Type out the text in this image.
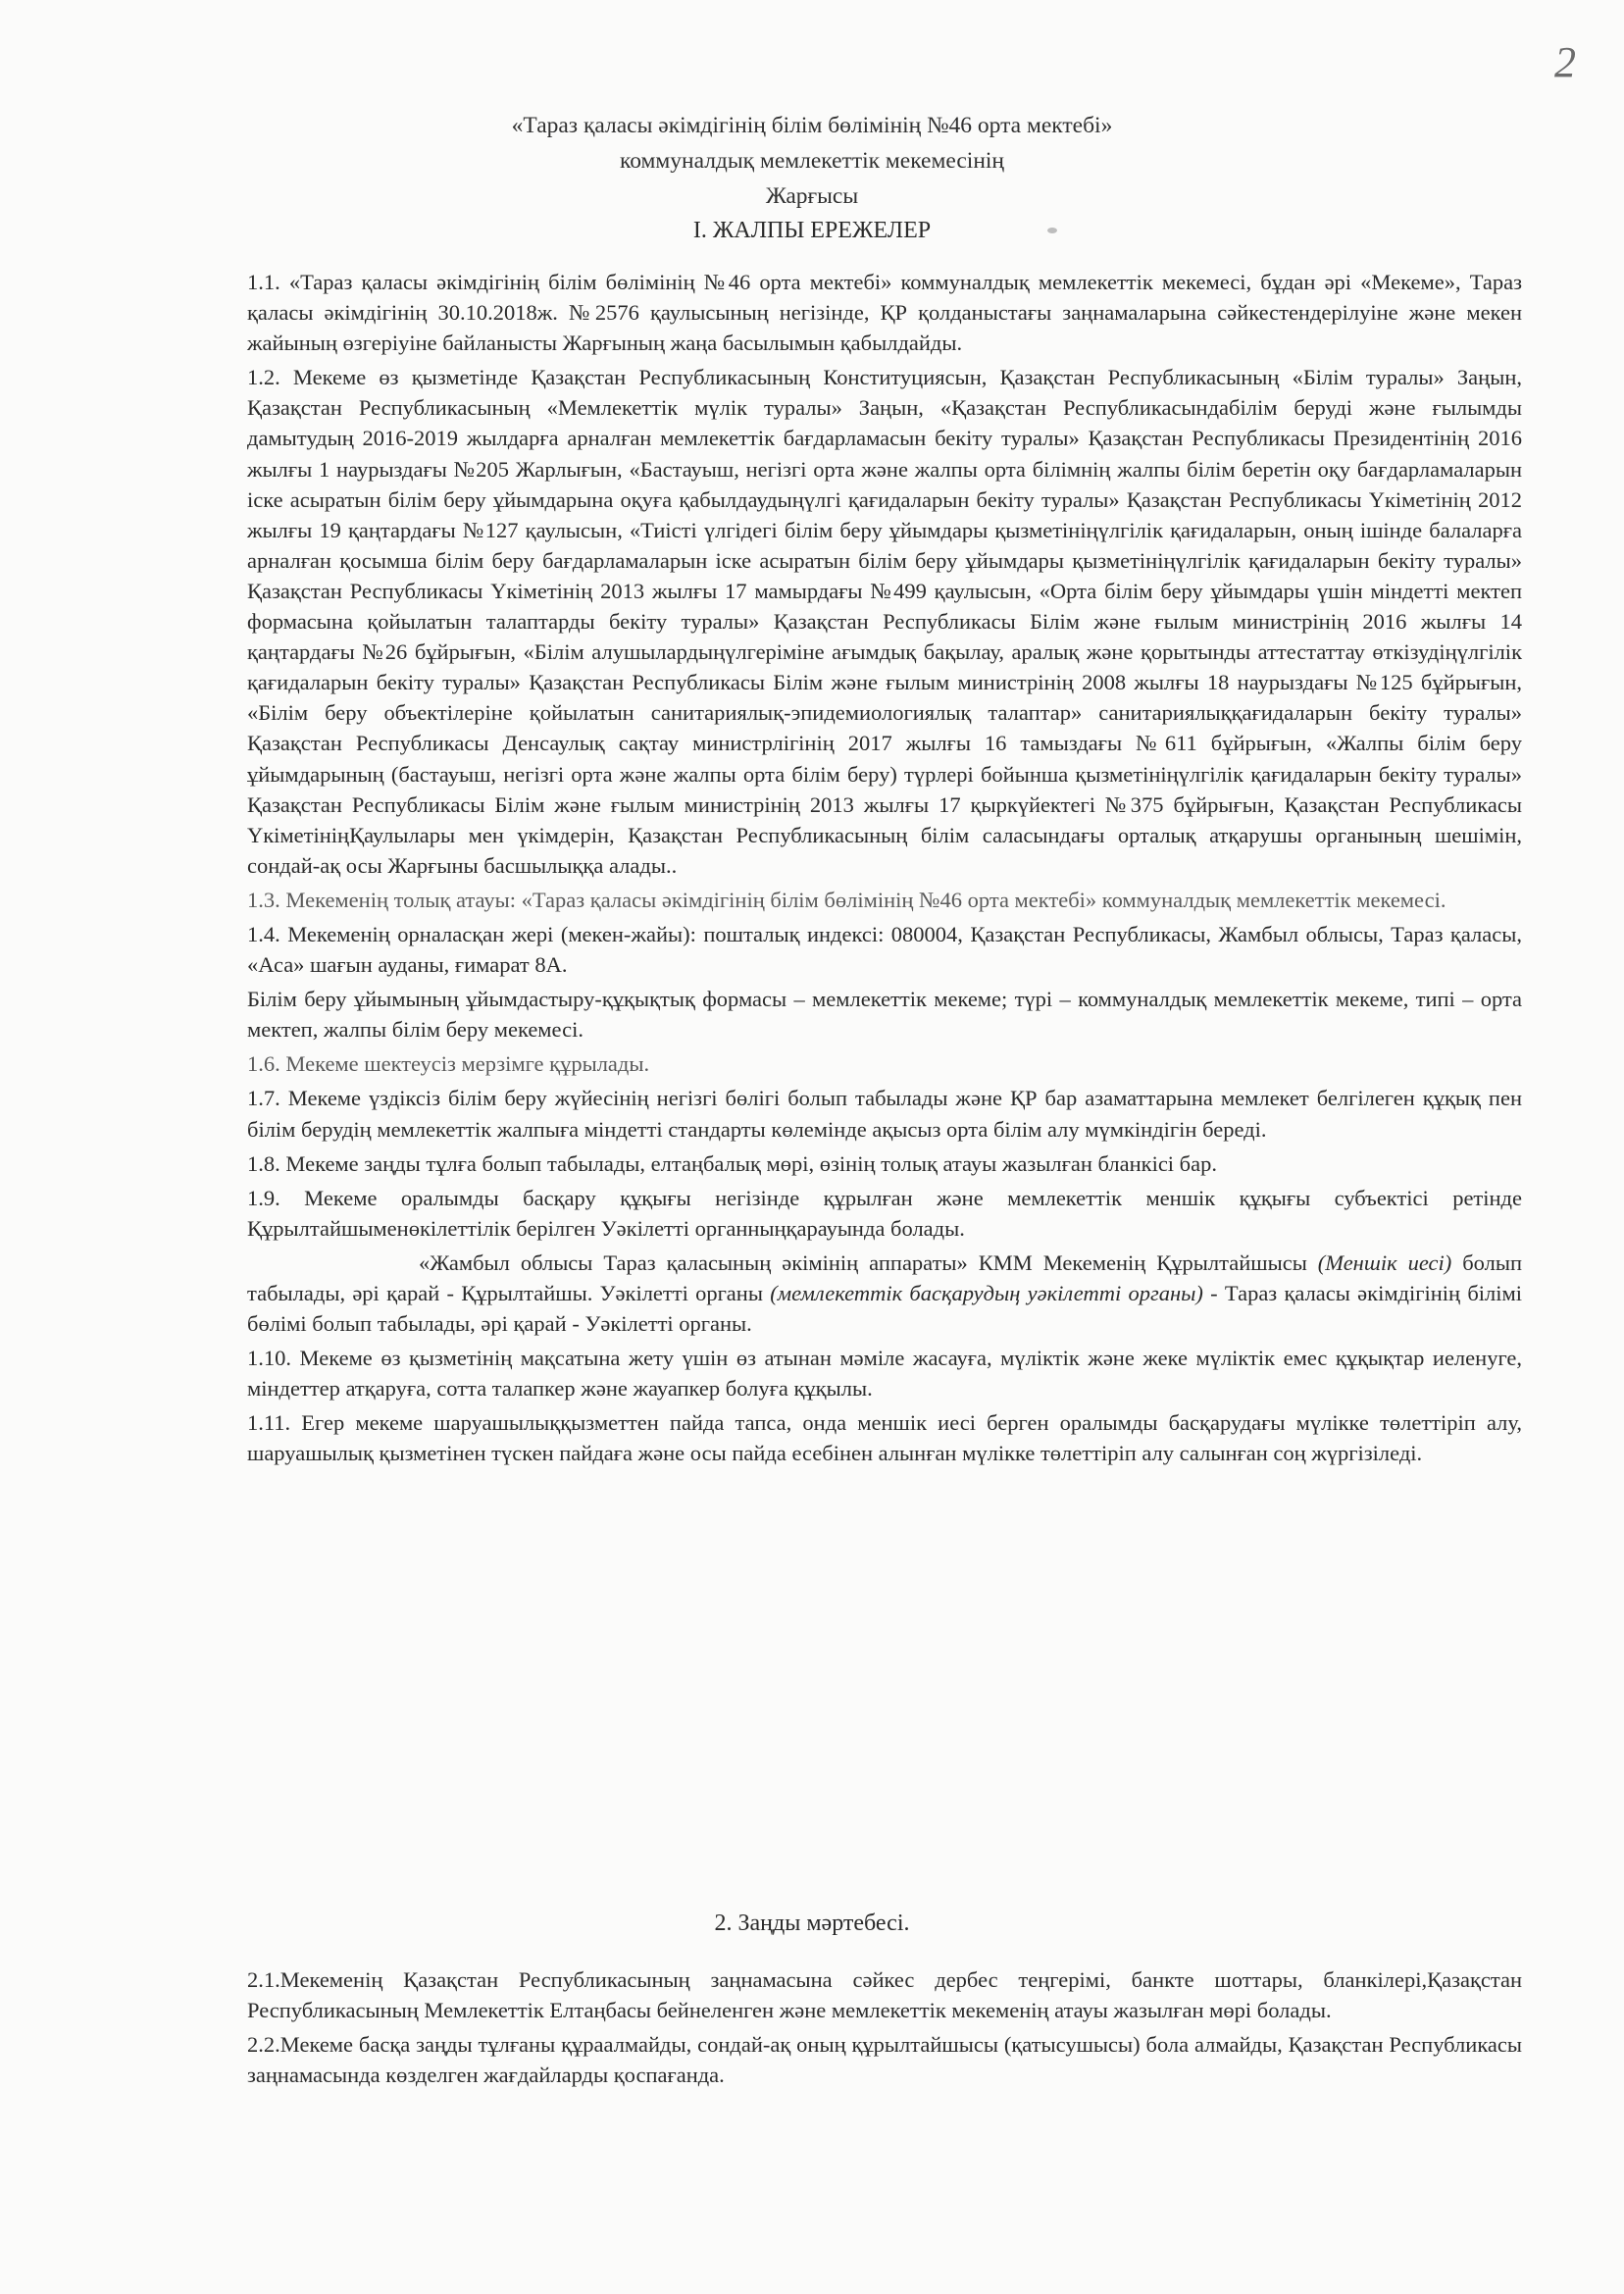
2
«Тараз қаласы әкімдігінің білім бөлімінің №46 орта мектебі»
коммуналдық мемлекеттік мекемесінің
Жарғысы
I. ЖАЛПЫ ЕРЕЖЕЛЕР

1.1. «Тараз қаласы әкімдігінің білім бөлімінің №46 орта мектебі» коммуналдық мемлекеттік мекемесі, бұдан әрі «Мекеме», Тараз қаласы әкімдігінің 30.10.2018ж. №2576 қаулысының негізінде, ҚР қолданыстағы заңнамаларына сәйкестендерілуіне және мекен жайының өзгеріуіне байланысты Жарғының жаңа басылымын қабылдайды.

1.2. Мекеме өз қызметінде Қазақстан Республикасының Конституциясын, Қазақстан Республикасының «Білім туралы» Заңын, Қазақстан Республикасының «Мемлекеттік мүлік туралы» Заңын, «Қазақстан Республикасындабілім беруді және ғылымды дамытудың 2016-2019 жылдарға арналған мемлекеттік бағдарламасын бекіту туралы» Қазақстан Республикасы Президентінің 2016 жылғы 1 наурыздағы №205 Жарлығын, «Бастауыш, негізгі орта және жалпы орта білімнің жалпы білім беретін оқу бағдарламаларын іске асыратын білім беру ұйымдарына оқуға қабылдаудыңүлгі қағидаларын бекіту туралы» Қазақстан Республикасы Үкіметінің 2012 жылғы 19 қаңтардағы №127 қаулысын, «Тиісті үлгідегі білім беру ұйымдары қызметініңүлгілік қағидаларын, оның ішінде балаларға арналған қосымша білім беру бағдарламаларын іске асыратын білім беру ұйымдары қызметініңүлгілік қағидаларын бекіту туралы» Қазақстан Республикасы Үкіметінің 2013 жылғы 17 мамырдағы №499 қаулысын, «Орта білім беру ұйымдары үшін міндетті мектеп формасына қойылатын талаптарды бекіту туралы» Қазақстан Республикасы Білім және ғылым министрінің 2016 жылғы 14 қаңтардағы №26 бұйрығын, «Білім алушылардыңүлгеріміне ағымдық бақылау, аралық және қорытынды аттестаттау өткізудіңүлгілік қағидаларын бекіту туралы» Қазақстан Республикасы Білім және ғылым министрінің 2008 жылғы 18 наурыздағы №125 бұйрығын, «Білім беру объектілеріне қойылатын санитариялық-эпидемиологиялық талаптар» санитариялыққағидаларын бекіту туралы» Қазақстан Республикасы Денсаулық сақтау министрлігінің 2017 жылғы 16 тамыздағы №611 бұйрығын, «Жалпы білім беру ұйымдарының (бастауыш, негізгі орта және жалпы орта білім беру) түрлері бойынша қызметініңүлгілік қағидаларын бекіту туралы» Қазақстан Республикасы Білім және ғылым министрінің 2013 жылғы 17 қыркүйектегі №375 бұйрығын, Қазақстан Республикасы ҮкіметініңҚаулылары мен үкімдерін, Қазақстан Республикасының білім саласындағы орталық атқарушы органының шешімін, сондай-ақ осы Жарғыны басшылыққа алады..

1.3. Мекеменің толық атауы: «Тараз қаласы әкімдігінің білім бөлімінің №46 орта мектебі» коммуналдық мемлекеттік мекемесі.

1.4. Мекеменің орналасқан жері (мекен-жайы): пошталық индексі: 080004, Қазақстан Республикасы, Жамбыл облысы, Тараз қаласы, «Аса» шағын ауданы, ғимарат 8А.

Білім беру ұйымының ұйымдастыру-құқықтық формасы – мемлекеттік мекеме; түрі – коммуналдық мемлекеттік мекеме, типі – орта мектеп, жалпы білім беру мекемесі.

1.6. Мекеме шектеусіз мерзімге құрылады.

1.7. Мекеме үздіксіз білім беру жүйесінің негізгі бөлігі болып табылады және ҚР бар азаматтарына мемлекет белгілеген құқық пен білім берудің мемлекеттік жалпыға міндетті стандарты көлемінде ақысыз орта білім алу мүмкіндігін береді.

1.8. Мекеме заңды тұлға болып табылады, елтаңбалық мөрі, өзінің толық атауы жазылған бланкісі бар.

1.9. Мекеме оралымды басқару құқығы негізінде құрылған және мемлекеттік меншік құқығы субъектісі ретінде Құрылтайшыменөкілеттілік берілген Уәкілетті органныңқарауында болады.

«Жамбыл облысы Тараз қаласының әкімінің аппараты» КММ Мекеменің Құрылтайшысы (Меншік иесі) болып табылады, әрі қарай - Құрылтайшы. Уәкілетті органы (мемлекеттік басқарудың уәкілетті органы) - Тараз қаласы әкімдігінің білімі бөлімі болып табылады, әрі қарай - Уәкілетті органы.

1.10. Мекеме өз қызметінің мақсатына жету үшін өз атынан мәміле жасауға, мүліктік және жеке мүліктік емес құқықтар иеленуге, міндеттер атқаруға, сотта талапкер және жауапкер болуға құқылы.

1.11. Егер мекеме шаруашылыққызметтен пайда тапса, онда меншік иесі берген оралымды басқарудағы мүлікке төлеттіріп алу, шаруашылық қызметінен түскен пайдаға және осы пайда есебінен алынған мүлікке төлеттіріп алу салынған соң жүргізіледі.

2. Заңды мәртебесі.

2.1.Мекеменің Қазақстан Республикасының заңнамасына сәйкес дербес теңгерімі, банкте шоттары, бланкілері,Қазақстан Республикасының Мемлекеттік Елтаңбасы бейнеленген және мемлекеттік мекеменің атауы жазылған мөрі болады.

2.2.Мекеме басқа заңды тұлғаны құраалмайды, сондай-ақ оның құрылтайшысы (қатысушысы) бола алмайды, Қазақстан Республикасы заңнамасында көзделген жағдайларды қоспағанда.
